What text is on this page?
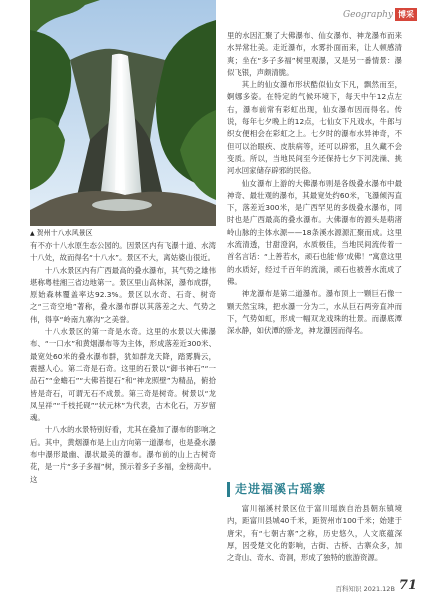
▲ 贺州十八水风景区
Geography 博采

有不亦十八水原生态公园的。因景区内有飞瀑十道、水湾十八处，故而得名“十八水”。景区不大，离姑婆山很近。

十八水景区内有广西最高的叠水瀑布，其气势之雄伟堪称粤桂湘三省边地第一。景区里山高林深，瀑布成群，原始森林覆盖率达92.3%。景区以水奇、石奇、树奇之“三奇空地”著称，叠水瀑布群以其落差之大、气势之伟，得享“岭南九寨沟”之美誉。

十八水景区的第一奇是水奇。这里的水景以大佛瀑布、“一口水”和黄烟瀑布等为主体，形成落差近300米、最宽处60米的叠水瀑布群，犹如群龙天降，踏雾腾云，震撼人心。第二奇是石奇。这里的石景以“御书神石”“一品石”“金蟾石”“大佛苔提石”和“神龙照壁”为精品，俯拾皆是奇石，可谓无石不成景。第三奇是树奇。树景以“龙凤呈祥”“千枝托砚”“状元林”为代表，古木化石，万岁留魂。

十八水的水景特别好看，尤其在叠加了瀑布的影响之后。其中，黄烟瀑布是上山方向第一道瀑布，也是叠水瀑布中瀑形最幽、瀑状最美的瀑布。瀑布前的山上古树奇花，是一片“多子多福”树，预示着多子多福，金榜高中。这

里的水因汇聚了大佛瀑布、仙女瀑布、神龙瀑布而来水异常壮美。走近瀑布，水雾扑面而来，让人顿感清爽；坐在“多子多福”树里观瀑，又是另一番情景：瀑似飞银，声颇清脆。

其上的仙女瀑布形状酷似仙女下凡，飘然而至，婀娜多姿。在特定的气候环境下，每天中午12点左右，瀑布前常有彩虹出现，仙女瀑布因而得名。传说，每年七夕晚上的12点，七仙女下凡戏水，牛郎与织女便相会在彩虹之上。七夕时的瀑布水异神奇，不但可以治眼疾、皮肤病等，还可以辟邪，且久藏不会变质。所以，当地民间至今还保持七夕下河洗澡、挑河水回家储存辟邪的民俗。

仙女瀑布上游的大佛瀑布则是各级叠水瀑布中最神奇、最壮观的瀑布，其最宽处约60米，飞瀑倾泻直下，落差近300米，是广西罕见的多级叠水瀑布，同时也是广西最高的叠水瀑布。大佛瀑布的源头是萌渚岭山脉的主体水源——18条溪水源源汇聚而成。这里水流清透，甘甜澄润，水质极佳，当地民间流传着一首名言话：“上善若水，顽石也能‘修’成佛！”寓意这里的水质好，经过千百年的流淌，顽石也被善水流成了佛。

神龙瀑布是第二道瀑布。瀑布顶上一颗巨石像一颗天然宝珠，把水瀑一分为二，水从巨石两旁直冲而下，气势如虹，形成一幅双龙戏珠的壮景。而瀑底潭深水静，如伏潭的卧龙，神龙瀑因而得名。

走进福溪古瑶寨

富川福溪村景区位于富川瑶族自治县朝东镇境内，距富川县城40千米，距贺州市100千米；始建于唐宋，有“七朝古寨”之称，历史悠久，人文底蕴深厚，因受楚文化的影响，古街、古桥、古寨众多，加之奇山、奇水、奇洞，形成了独特的旅游资源。

百科知识 2021.12B 71
